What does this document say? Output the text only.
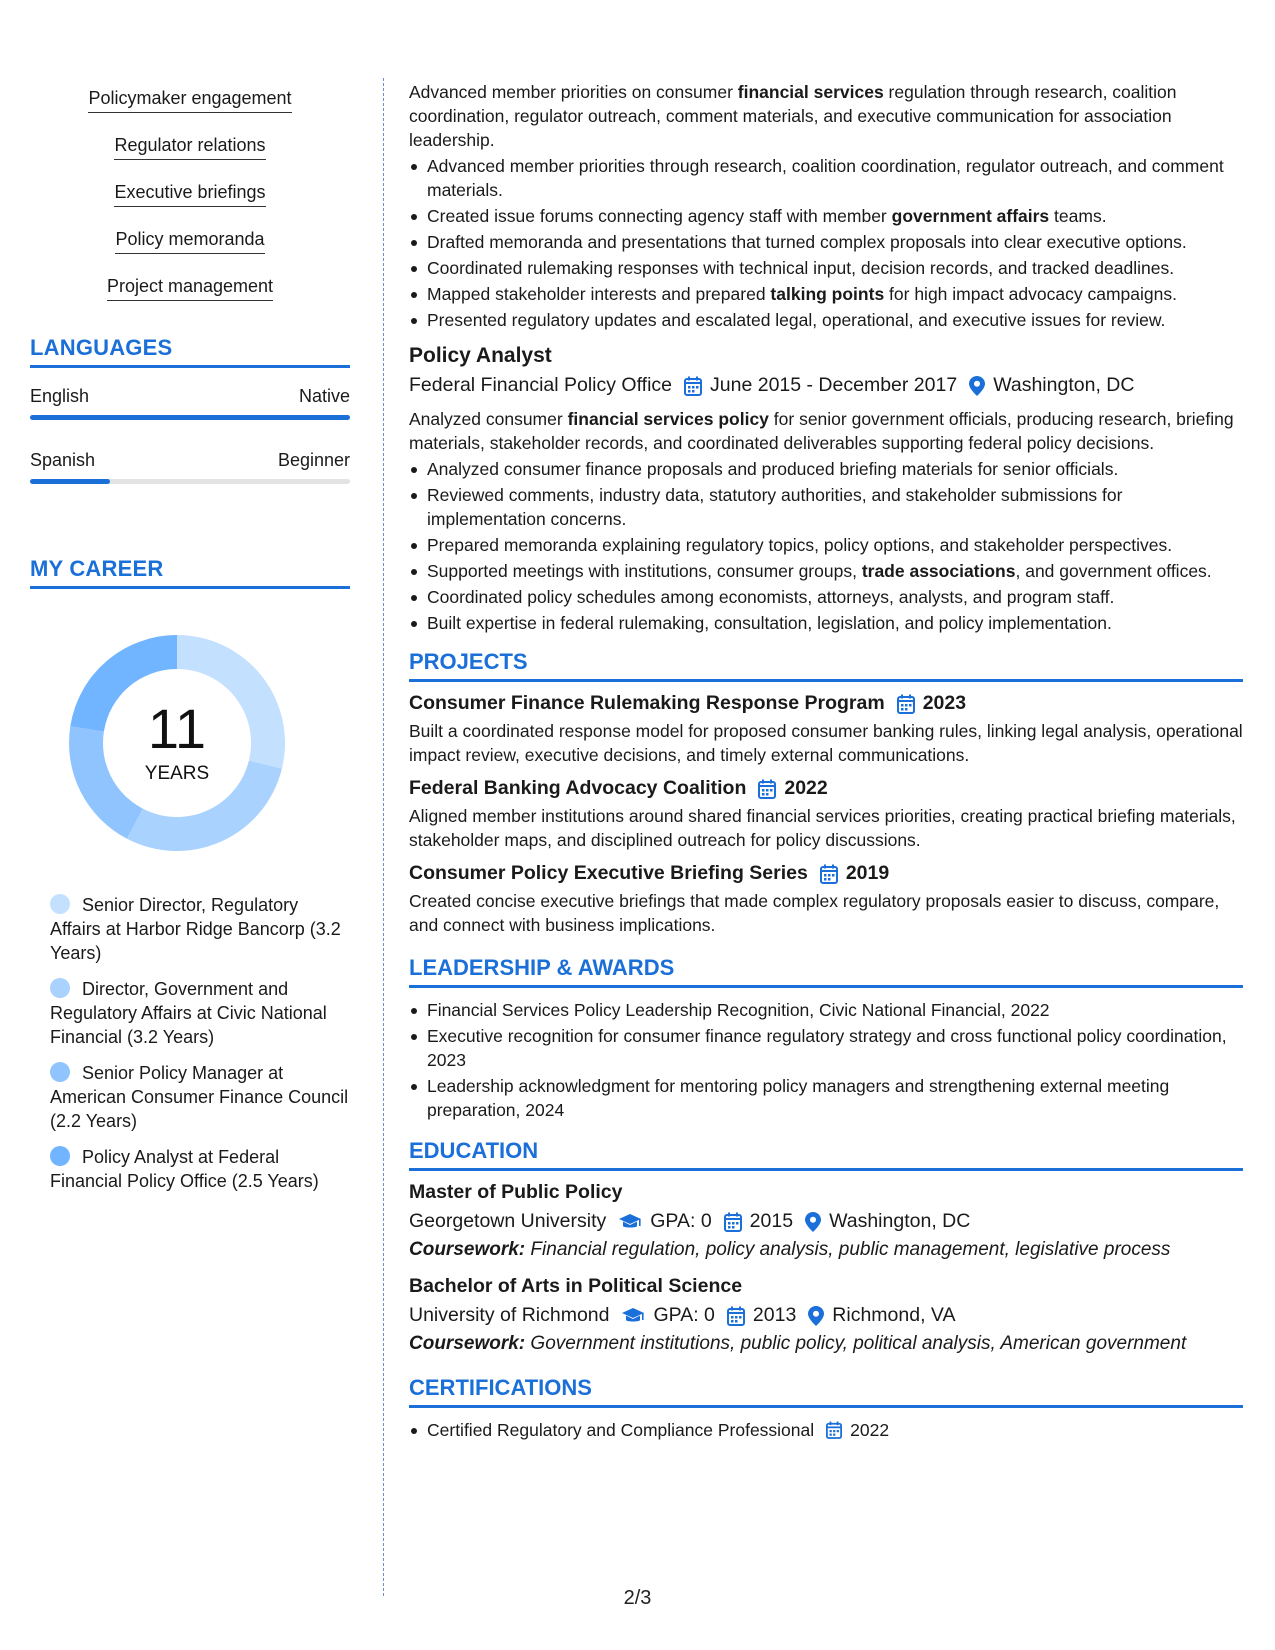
Policymaker engagement
Regulator relations
Executive briefings
Policy memoranda
Project management
LANGUAGES
English	Native
Spanish	Beginner
MY CAREER
11
YEARS
Senior Director, Regulatory Affairs at Harbor Ridge Bancorp (3.2 Years)
Director, Government and Regulatory Affairs at Civic National Financial (3.2 Years)
Senior Policy Manager at American Consumer Finance Council (2.2 Years)
Policy Analyst at Federal Financial Policy Office (2.5 Years)
Advanced member priorities on consumer financial services regulation through research, coalition coordination, regulator outreach, comment materials, and executive communication for association leadership.
Advanced member priorities through research, coalition coordination, regulator outreach, and comment materials.
Created issue forums connecting agency staff with member government affairs teams.
Drafted memoranda and presentations that turned complex proposals into clear executive options.
Coordinated rulemaking responses with technical input, decision records, and tracked deadlines.
Mapped stakeholder interests and prepared talking points for high impact advocacy campaigns.
Presented regulatory updates and escalated legal, operational, and executive issues for review.
Policy Analyst
Federal Financial Policy Office June 2015 - December 2017 Washington, DC
Analyzed consumer financial services policy for senior government officials, producing research, briefing materials, stakeholder records, and coordinated deliverables supporting federal policy decisions.
Analyzed consumer finance proposals and produced briefing materials for senior officials.
Reviewed comments, industry data, statutory authorities, and stakeholder submissions for implementation concerns.
Prepared memoranda explaining regulatory topics, policy options, and stakeholder perspectives.
Supported meetings with institutions, consumer groups, trade associations, and government offices.
Coordinated policy schedules among economists, attorneys, analysts, and program staff.
Built expertise in federal rulemaking, consultation, legislation, and policy implementation.
PROJECTS
Consumer Finance Rulemaking Response Program 2023
Built a coordinated response model for proposed consumer banking rules, linking legal analysis, operational impact review, executive decisions, and timely external communications.
Federal Banking Advocacy Coalition 2022
Aligned member institutions around shared financial services priorities, creating practical briefing materials, stakeholder maps, and disciplined outreach for policy discussions.
Consumer Policy Executive Briefing Series 2019
Created concise executive briefings that made complex regulatory proposals easier to discuss, compare, and connect with business implications.
LEADERSHIP & AWARDS
Financial Services Policy Leadership Recognition, Civic National Financial, 2022
Executive recognition for consumer finance regulatory strategy and cross functional policy coordination, 2023
Leadership acknowledgment for mentoring policy managers and strengthening external meeting preparation, 2024
EDUCATION
Master of Public Policy
Georgetown University GPA: 0 2015 Washington, DC
Coursework: Financial regulation, policy analysis, public management, legislative process
Bachelor of Arts in Political Science
University of Richmond GPA: 0 2013 Richmond, VA
Coursework: Government institutions, public policy, political analysis, American government
CERTIFICATIONS
Certified Regulatory and Compliance Professional 2022
2/3
